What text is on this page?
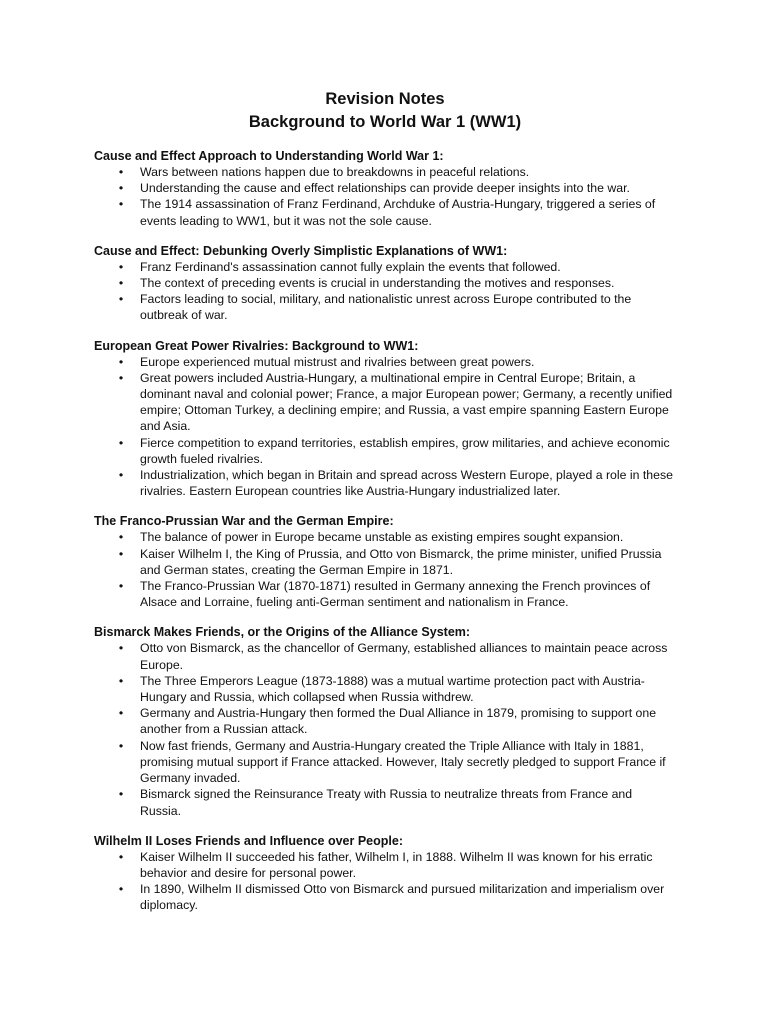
Revision Notes
Background to World War 1 (WW1)
Cause and Effect Approach to Understanding World War 1:
• Wars between nations happen due to breakdowns in peaceful relations.
• Understanding the cause and effect relationships can provide deeper insights into the war.
• The 1914 assassination of Franz Ferdinand, Archduke of Austria-Hungary, triggered a series of events leading to WW1, but it was not the sole cause.
Cause and Effect: Debunking Overly Simplistic Explanations of WW1:
• Franz Ferdinand's assassination cannot fully explain the events that followed.
• The context of preceding events is crucial in understanding the motives and responses.
• Factors leading to social, military, and nationalistic unrest across Europe contributed to the outbreak of war.
European Great Power Rivalries: Background to WW1:
• Europe experienced mutual mistrust and rivalries between great powers.
• Great powers included Austria-Hungary, a multinational empire in Central Europe; Britain, a dominant naval and colonial power; France, a major European power; Germany, a recently unified empire; Ottoman Turkey, a declining empire; and Russia, a vast empire spanning Eastern Europe and Asia.
• Fierce competition to expand territories, establish empires, grow militaries, and achieve economic growth fueled rivalries.
• Industrialization, which began in Britain and spread across Western Europe, played a role in these rivalries. Eastern European countries like Austria-Hungary industrialized later.
The Franco-Prussian War and the German Empire:
• The balance of power in Europe became unstable as existing empires sought expansion.
• Kaiser Wilhelm I, the King of Prussia, and Otto von Bismarck, the prime minister, unified Prussia and German states, creating the German Empire in 1871.
• The Franco-Prussian War (1870-1871) resulted in Germany annexing the French provinces of Alsace and Lorraine, fueling anti-German sentiment and nationalism in France.
Bismarck Makes Friends, or the Origins of the Alliance System:
• Otto von Bismarck, as the chancellor of Germany, established alliances to maintain peace across Europe.
• The Three Emperors League (1873-1888) was a mutual wartime protection pact with Austria-Hungary and Russia, which collapsed when Russia withdrew.
• Germany and Austria-Hungary then formed the Dual Alliance in 1879, promising to support one another from a Russian attack.
• Now fast friends, Germany and Austria-Hungary created the Triple Alliance with Italy in 1881, promising mutual support if France attacked. However, Italy secretly pledged to support France if Germany invaded.
• Bismarck signed the Reinsurance Treaty with Russia to neutralize threats from France and Russia.
Wilhelm II Loses Friends and Influence over People:
• Kaiser Wilhelm II succeeded his father, Wilhelm I, in 1888. Wilhelm II was known for his erratic behavior and desire for personal power.
• In 1890, Wilhelm II dismissed Otto von Bismarck and pursued militarization and imperialism over diplomacy.
